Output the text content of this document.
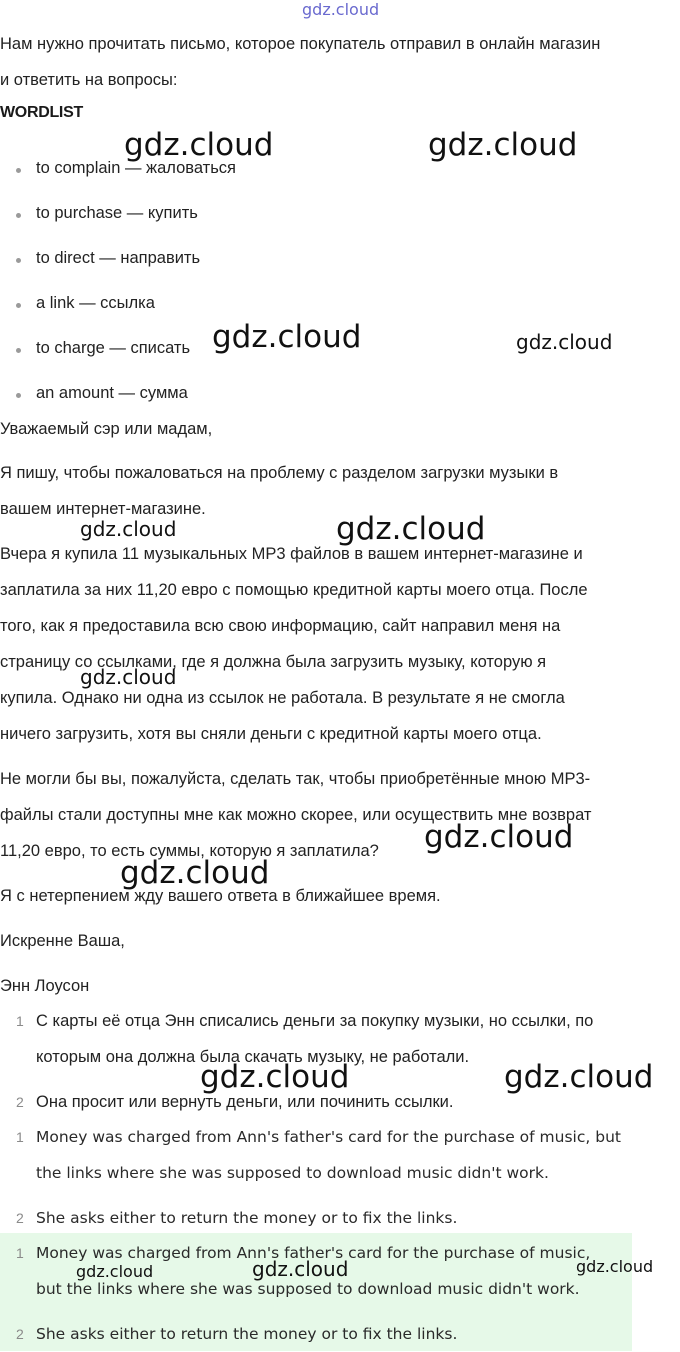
gdz.cloud

Нам нужно прочитать письмо, которое покупатель отправил в онлайн магазин

и ответить на вопросы:

WORDLIST
to complain — жаловаться
to purchase — купить
to direct — направить
a link — ссылка
to charge — списать
an amount — сумма

Уважаемый сэр или мадам,

Я пишу, чтобы пожаловаться на проблему с разделом загрузки музыки в

вашем интернет-магазине.

Вчера я купила 11 музыкальных MP3 файлов в вашем интернет-магазине и

заплатила за них 11,20 евро с помощью кредитной карты моего отца. После

того, как я предоставила всю свою информацию, сайт направил меня на

страницу со ссылками, где я должна была загрузить музыку, которую я

купила. Однако ни одна из ссылок не работала. В результате я не смогла

ничего загрузить, хотя вы сняли деньги с кредитной карты моего отца.

Не могли бы вы, пожалуйста, сделать так, чтобы приобретённые мною MP3-

файлы стали доступны мне как можно скорее, или осуществить мне возврат

11,20 евро, то есть суммы, которую я заплатила?

Я с нетерпением жду вашего ответа в ближайшее время.

Искренне Ваша,

Энн Лоусон

1 С карты её отца Энн списались деньги за покупку музыки, но ссылки, по
которым она должна была скачать музыку, не работали.
2 Она просит или вернуть деньги, или починить ссылки.
1 Money was charged from Ann's father's card for the purchase of music, but
the links where she was supposed to download music didn't work.
2 She asks either to return the money or to fix the links.
1 Money was charged from Ann's father's card for the purchase of music,
but the links where she was supposed to download music didn't work.
2 She asks either to return the money or to fix the links.
gdz.cloud	gdz.cloud
gdz.cloud	gdz.cloud
gdz.cloud	gdz.cloud
gdz.cloud
gdz.cloud
gdz.cloud
gdz.cloud	gdz.cloud
gdz.cloud	gdz.cloud	gdz.cloud
